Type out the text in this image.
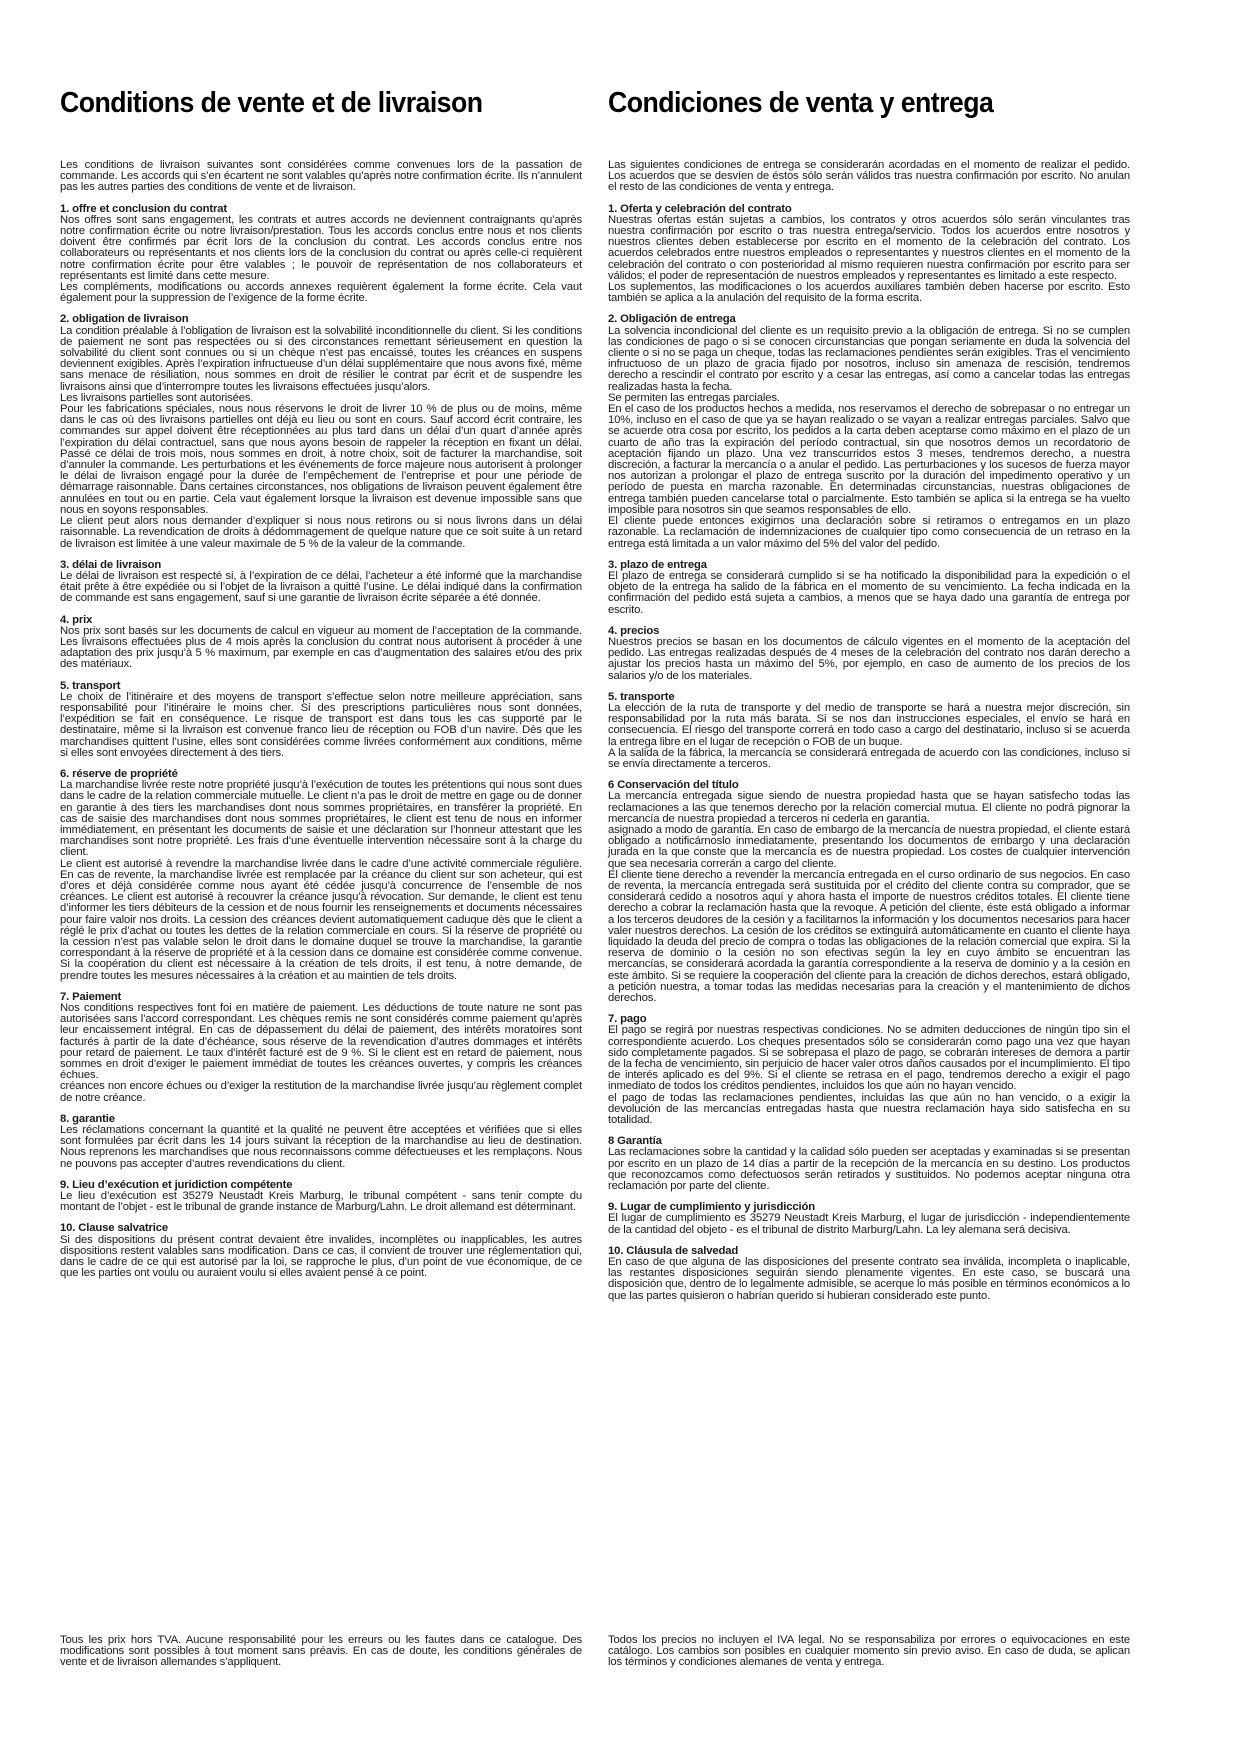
Conditions de vente et de livraison

Les conditions de livraison suivantes sont considérées comme convenues lors de la passation de commande. Les accords qui s’en écartent ne sont valables qu’après notre confirmation écrite. Ils n’annulent pas les autres parties des conditions de vente et de livraison.

1. offre et conclusion du contrat

Nos offres sont sans engagement, les contrats et autres accords ne deviennent contraignants qu’après notre confirmation écrite ou notre livraison/prestation. Tous les accords conclus entre nous et nos clients doivent être confirmés par écrit lors de la conclusion du contrat. Les accords conclus entre nos collaborateurs ou représentants et nos clients lors de la conclusion du contrat ou après celle-ci requièrent notre confirmation écrite pour être valables ; le pouvoir de représentation de nos collaborateurs et représentants est limité dans cette mesure.

Les compléments, modifications ou accords annexes requièrent également la forme écrite. Cela vaut également pour la suppression de l’exigence de la forme écrite.

2. obligation de livraison

La condition préalable à l’obligation de livraison est la solvabilité inconditionnelle du client. Si les conditions de paiement ne sont pas respectées ou si des circonstances remettant sérieusement en question la solvabilité du client sont connues ou si un chèque n’est pas encaissé, toutes les créances en suspens deviennent exigibles. Après l’expiration infructueuse d’un délai supplémentaire que nous avons fixé, même sans menace de résiliation, nous sommes en droit de résilier le contrat par écrit et de suspendre les livraisons ainsi que d’interrompre toutes les livraisons effectuées jusqu’alors.

Les livraisons partielles sont autorisées.

Pour les fabrications spéciales, nous nous réservons le droit de livrer 10 % de plus ou de moins, même dans le cas où des livraisons partielles ont déjà eu lieu ou sont en cours. Sauf accord écrit contraire, les commandes sur appel doivent être réceptionnées au plus tard dans un délai d’un quart d’année après l’expiration du délai contractuel, sans que nous ayons besoin de rappeler la réception en fixant un délai. Passé ce délai de trois mois, nous sommes en droit, à notre choix, soit de facturer la marchandise, soit d’annuler la commande. Les perturbations et les événements de force majeure nous autorisent à prolonger le délai de livraison engagé pour la durée de l’empêchement de l’entreprise et pour une période de démarrage raisonnable. Dans certaines circonstances, nos obligations de livraison peuvent également être annulées en tout ou en partie. Cela vaut également lorsque la livraison est devenue impossible sans que nous en soyons responsables.

Le client peut alors nous demander d’expliquer si nous nous retirons ou si nous livrons dans un délai raisonnable. La revendication de droits à dédommagement de quelque nature que ce soit suite à un retard de livraison est limitée à une valeur maximale de 5 % de la valeur de la commande.

3. délai de livraison

Le délai de livraison est respecté si, à l’expiration de ce délai, l’acheteur a été informé que la marchandise était prête à être expédiée ou si l’objet de la livraison a quitté l’usine. Le délai indiqué dans la confirmation de commande est sans engagement, sauf si une garantie de livraison écrite séparée a été donnée.

4. prix

Nos prix sont basés sur les documents de calcul en vigueur au moment de l’acceptation de la commande. Les livraisons effectuées plus de 4 mois après la conclusion du contrat nous autorisent à procéder à une adaptation des prix jusqu’à 5 % maximum, par exemple en cas d’augmentation des salaires et/ou des prix des matériaux.

5. transport

Le choix de l’itinéraire et des moyens de transport s’effectue selon notre meilleure appréciation, sans responsabilité pour l’itinéraire le moins cher. Si des prescriptions particulières nous sont données, l’expédition se fait en conséquence. Le risque de transport est dans tous les cas supporté par le destinataire, même si la livraison est convenue franco lieu de réception ou FOB d’un navire. Dès que les marchandises quittent l’usine, elles sont considérées comme livrées conformément aux conditions, même si elles sont envoyées directement à des tiers.

6. réserve de propriété

La marchandise livrée reste notre propriété jusqu’à l’exécution de toutes les prétentions qui nous sont dues dans le cadre de la relation commerciale mutuelle. Le client n’a pas le droit de mettre en gage ou de donner en garantie à des tiers les marchandises dont nous sommes propriétaires, en transférer la propriété. En cas de saisie des marchandises dont nous sommes propriétaires, le client est tenu de nous en informer immédiatement, en présentant les documents de saisie et une déclaration sur l’honneur attestant que les marchandises sont notre propriété. Les frais d’une éventuelle intervention nécessaire sont à la charge du client.

Le client est autorisé à revendre la marchandise livrée dans le cadre d’une activité commerciale régulière. En cas de revente, la marchandise livrée est remplacée par la créance du client sur son acheteur, qui est d’ores et déjà considérée comme nous ayant été cédée jusqu’à concurrence de l’ensemble de nos créances. Le client est autorisé à recouvrer la créance jusqu’à révocation. Sur demande, le client est tenu d’informer les tiers débiteurs de la cession et de nous fournir les renseignements et documents nécessaires pour faire valoir nos droits. La cession des créances devient automatiquement caduque dès que le client a réglé le prix d’achat ou toutes les dettes de la relation commerciale en cours. Si la réserve de propriété ou la cession n’est pas valable selon le droit dans le domaine duquel se trouve la marchandise, la garantie correspondant à la réserve de propriété et à la cession dans ce domaine est considérée comme convenue. Si la coopération du client est nécessaire à la création de tels droits, il est tenu, à notre demande, de prendre toutes les mesures nécessaires à la création et au maintien de tels droits.

7. Paiement

Nos conditions respectives font foi en matière de paiement. Les déductions de toute nature ne sont pas autorisées sans l’accord correspondant. Les chèques remis ne sont considérés comme paiement qu’après leur encaissement intégral. En cas de dépassement du délai de paiement, des intérêts moratoires sont facturés à partir de la date d’échéance, sous réserve de la revendication d’autres dommages et intérêts pour retard de paiement. Le taux d’intérêt facturé est de 9 %. Si le client est en retard de paiement, nous sommes en droit d’exiger le paiement immédiat de toutes les créances ouvertes, y compris les créances échues.

créances non encore échues ou d’exiger la restitution de la marchandise livrée jusqu’au règlement complet de notre créance.

8. garantie

Les réclamations concernant la quantité et la qualité ne peuvent être acceptées et vérifiées que si elles sont formulées par écrit dans les 14 jours suivant la réception de la marchandise au lieu de destination. Nous reprenons les marchandises que nous reconnaissons comme défectueuses et les remplaçons. Nous ne pouvons pas accepter d’autres revendications du client.

9. Lieu d’exécution et juridiction compétente

Le lieu d’exécution est 35279 Neustadt Kreis Marburg, le tribunal compétent - sans tenir compte du montant de l’objet - est le tribunal de grande instance de Marburg/Lahn. Le droit allemand est déterminant.

10. Clause salvatrice

Si des dispositions du présent contrat devaient être invalides, incomplètes ou inapplicables, les autres dispositions restent valables sans modification. Dans ce cas, il convient de trouver une réglementation qui, dans le cadre de ce qui est autorisé par la loi, se rapproche le plus, d’un point de vue économique, de ce que les parties ont voulu ou auraient voulu si elles avaient pensé à ce point.

Condiciones de venta y entrega

Las siguientes condiciones de entrega se considerarán acordadas en el momento de realizar el pedido. Los acuerdos que se desvíen de éstos sólo serán válidos tras nuestra confirmación por escrito. No anulan el resto de las condiciones de venta y entrega.

1. Oferta y celebración del contrato

Nuestras ofertas están sujetas a cambios, los contratos y otros acuerdos sólo serán vinculantes tras nuestra confirmación por escrito o tras nuestra entrega/servicio. Todos los acuerdos entre nosotros y nuestros clientes deben establecerse por escrito en el momento de la celebración del contrato. Los acuerdos celebrados entre nuestros empleados o representantes y nuestros clientes en el momento de la celebración del contrato o con posterioridad al mismo requieren nuestra confirmación por escrito para ser válidos; el poder de representación de nuestros empleados y representantes es limitado a este respecto.

Los suplementos, las modificaciones o los acuerdos auxiliares también deben hacerse por escrito. Esto también se aplica a la anulación del requisito de la forma escrita.

2. Obligación de entrega

La solvencia incondicional del cliente es un requisito previo a la obligación de entrega. Si no se cumplen las condiciones de pago o si se conocen circunstancias que pongan seriamente en duda la solvencia del cliente o si no se paga un cheque, todas las reclamaciones pendientes serán exigibles. Tras el vencimiento infructuoso de un plazo de gracia fijado por nosotros, incluso sin amenaza de rescisión, tendremos derecho a rescindir el contrato por escrito y a cesar las entregas, así como a cancelar todas las entregas realizadas hasta la fecha.

Se permiten las entregas parciales.

En el caso de los productos hechos a medida, nos reservamos el derecho de sobrepasar o no entregar un 10%, incluso en el caso de que ya se hayan realizado o se vayan a realizar entregas parciales. Salvo que se acuerde otra cosa por escrito, los pedidos a la carta deben aceptarse como máximo en el plazo de un cuarto de año tras la expiración del período contractual, sin que nosotros demos un recordatorio de aceptación fijando un plazo. Una vez transcurridos estos 3 meses, tendremos derecho, a nuestra discreción, a facturar la mercancía o a anular el pedido. Las perturbaciones y los sucesos de fuerza mayor nos autorizan a prolongar el plazo de entrega suscrito por la duración del impedimento operativo y un período de puesta en marcha razonable. En determinadas circunstancias, nuestras obligaciones de entrega también pueden cancelarse total o parcialmente. Esto también se aplica si la entrega se ha vuelto imposible para nosotros sin que seamos responsables de ello.

El cliente puede entonces exigirnos una declaración sobre si retiramos o entregamos en un plazo razonable. La reclamación de indemnizaciones de cualquier tipo como consecuencia de un retraso en la entrega está limitada a un valor máximo del 5% del valor del pedido.

3. plazo de entrega

El plazo de entrega se considerará cumplido si se ha notificado la disponibilidad para la expedición o el objeto de la entrega ha salido de la fábrica en el momento de su vencimiento. La fecha indicada en la confirmación del pedido está sujeta a cambios, a menos que se haya dado una garantía de entrega por escrito.

4. precios

Nuestros precios se basan en los documentos de cálculo vigentes en el momento de la aceptación del pedido. Las entregas realizadas después de 4 meses de la celebración del contrato nos darán derecho a ajustar los precios hasta un máximo del 5%, por ejemplo, en caso de aumento de los precios de los salarios y/o de los materiales.

5. transporte

La elección de la ruta de transporte y del medio de transporte se hará a nuestra mejor discreción, sin responsabilidad por la ruta más barata. Si se nos dan instrucciones especiales, el envío se hará en consecuencia. El riesgo del transporte correrá en todo caso a cargo del destinatario, incluso si se acuerda la entrega libre en el lugar de recepción o FOB de un buque.

A la salida de la fábrica, la mercancía se considerará entregada de acuerdo con las condiciones, incluso si se envía directamente a terceros.

6 Conservación del título

La mercancía entregada sigue siendo de nuestra propiedad hasta que se hayan satisfecho todas las reclamaciones a las que tenemos derecho por la relación comercial mutua. El cliente no podrá pignorar la mercancía de nuestra propiedad a terceros ni cederla en garantía.

asignado a modo de garantía. En caso de embargo de la mercancía de nuestra propiedad, el cliente estará obligado a notificárnoslo inmediatamente, presentando los documentos de embargo y una declaración jurada en la que conste que la mercancía es de nuestra propiedad. Los costes de cualquier intervención que sea necesaria correrán a cargo del cliente.

El cliente tiene derecho a revender la mercancía entregada en el curso ordinario de sus negocios. En caso de reventa, la mercancía entregada será sustituida por el crédito del cliente contra su comprador, que se considerará cedido a nosotros aquí y ahora hasta el importe de nuestros créditos totales. El cliente tiene derecho a cobrar la reclamación hasta que la revoque. A petición del cliente, éste está obligado a informar a los terceros deudores de la cesión y a facilitarnos la información y los documentos necesarios para hacer valer nuestros derechos. La cesión de los créditos se extinguirá automáticamente en cuanto el cliente haya liquidado la deuda del precio de compra o todas las obligaciones de la relación comercial que expira. Si la reserva de dominio o la cesión no son efectivas según la ley en cuyo ámbito se encuentran las mercancías, se considerará acordada la garantía correspondiente a la reserva de dominio y a la cesión en este ámbito. Si se requiere la cooperación del cliente para la creación de dichos derechos, estará obligado, a petición nuestra, a tomar todas las medidas necesarias para la creación y el mantenimiento de dichos derechos.

7. pago

El pago se regirá por nuestras respectivas condiciones. No se admiten deducciones de ningún tipo sin el correspondiente acuerdo. Los cheques presentados sólo se considerarán como pago una vez que hayan sido completamente pagados. Si se sobrepasa el plazo de pago, se cobrarán intereses de demora a partir de la fecha de vencimiento, sin perjuicio de hacer valer otros daños causados por el incumplimiento. El tipo de interés aplicado es del 9%. Si el cliente se retrasa en el pago, tendremos derecho a exigir el pago inmediato de todos los créditos pendientes, incluidos los que aún no hayan vencido.

el pago de todas las reclamaciones pendientes, incluidas las que aún no han vencido, o a exigir la devolución de las mercancías entregadas hasta que nuestra reclamación haya sido satisfecha en su totalidad.

8 Garantía

Las reclamaciones sobre la cantidad y la calidad sólo pueden ser aceptadas y examinadas si se presentan por escrito en un plazo de 14 días a partir de la recepción de la mercancía en su destino. Los productos que reconozcamos como defectuosos serán retirados y sustituidos. No podemos aceptar ninguna otra reclamación por parte del cliente.

9. Lugar de cumplimiento y jurisdicción

El lugar de cumplimiento es 35279 Neustadt Kreis Marburg, el lugar de jurisdicción - independientemente de la cantidad del objeto - es el tribunal de distrito Marburg/Lahn. La ley alemana será decisiva.

10. Cláusula de salvedad

En caso de que alguna de las disposiciones del presente contrato sea inválida, incompleta o inaplicable, las restantes disposiciones seguirán siendo plenamente vigentes. En este caso, se buscará una disposición que, dentro de lo legalmente admisible, se acerque lo más posible en términos económicos a lo que las partes quisieron o habrían querido si hubieran considerado este punto.

Tous les prix hors TVA. Aucune responsabilité pour les erreurs ou les fautes dans ce catalogue. Des modifications sont possibles à tout moment sans préavis. En cas de doute, les conditions générales de vente et de livraison allemandes s’appliquent.
Todos los precios no incluyen el IVA legal. No se responsabiliza por errores o equivocaciones en este catálogo. Los cambios son posibles en cualquier momento sin previo aviso. En caso de duda, se aplican los términos y condiciones alemanes de venta y entrega.
